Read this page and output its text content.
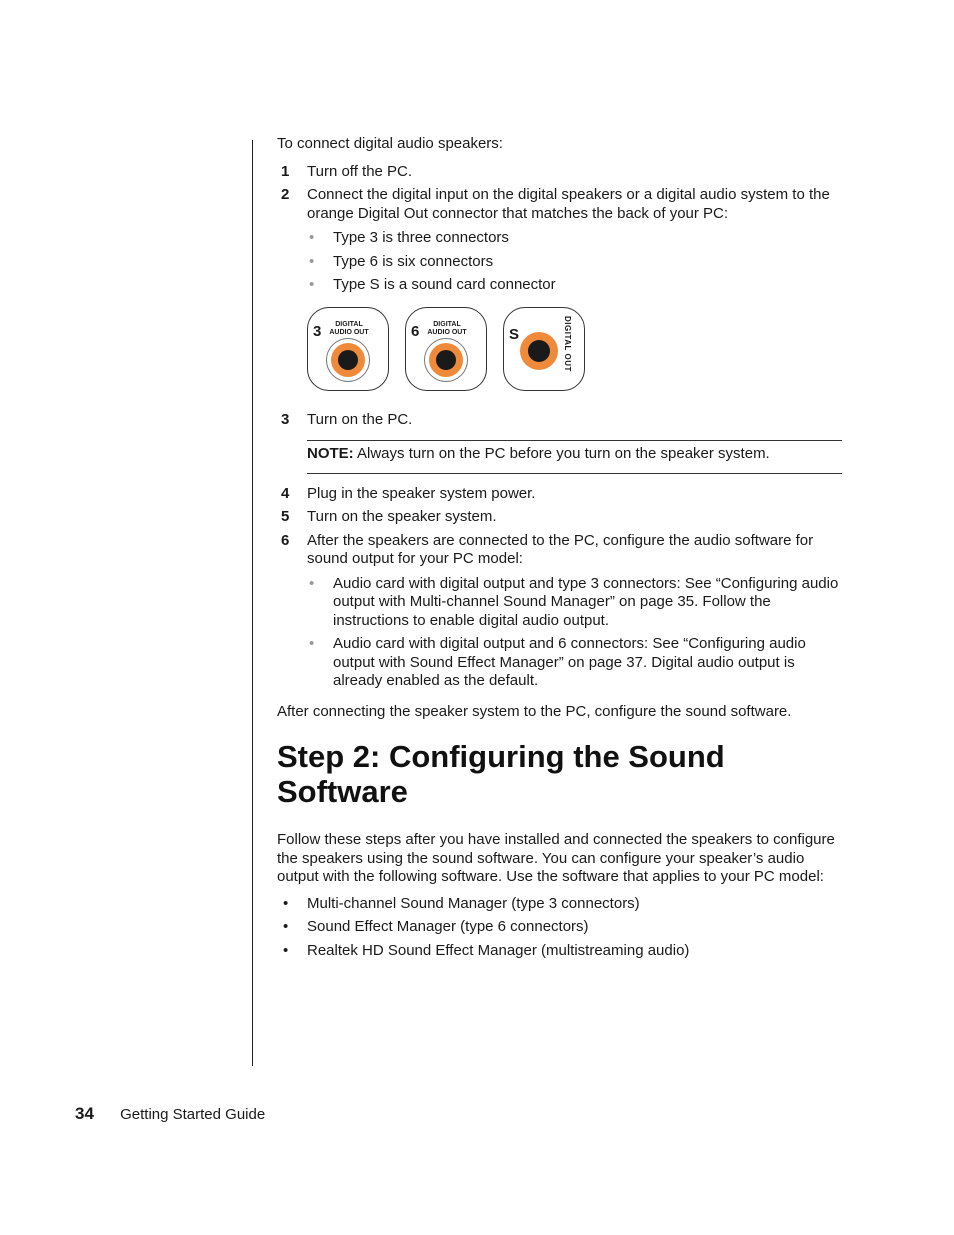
To connect digital audio speakers:

1 Turn off the PC.

2 Connect the digital input on the digital speakers or a digital audio system to the orange Digital Out connector that matches the back of your PC:

• Type 3 is three connectors
• Type 6 is six connectors
• Type S is a sound card connector
3	DIGITAL
AUDIO OUT	6	DIGITAL
AUDIO OUT	S	DIGITAL OUT
3 Turn on the PC.

NOTE: Always turn on the PC before you turn on the speaker system.
4 Plug in the speaker system power.

5 Turn on the speaker system.

6 After the speakers are connected to the PC, configure the audio software for sound output for your PC model:

• Audio card with digital output and type 3 connectors: See “Configuring audio output with Multi-channel Sound Manager” on page 35. Follow the instructions to enable digital audio output.
• Audio card with digital output and 6 connectors: See “Configuring audio output with Sound Effect Manager” on page 37. Digital audio output is already enabled as the default.

After connecting the speaker system to the PC, configure the sound software.

Step 2: Configuring the Sound Software

Follow these steps after you have installed and connected the speakers to configure the speakers using the sound software. You can configure your speaker’s audio output with the following software. Use the software that applies to your PC model:

• Multi-channel Sound Manager (type 3 connectors)
• Sound Effect Manager (type 6 connectors)
• Realtek HD Sound Effect Manager (multistreaming audio)
34 Getting Started Guide
